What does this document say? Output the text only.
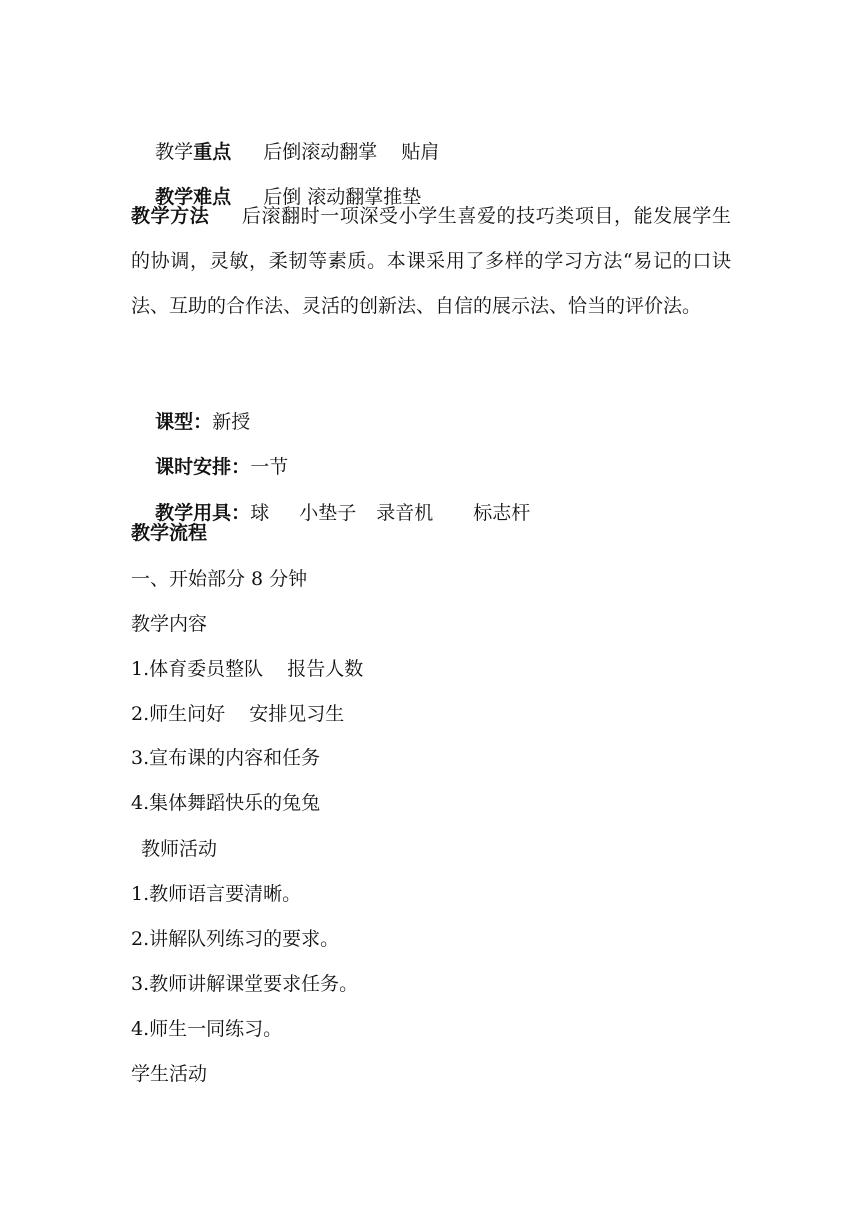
教学重点 后倒滚动翻掌    贴肩

教学难点 后倒 滚动翻掌推垫

教学方法 后滚翻时一项深受小学生喜爱的技巧类项目，能发展学生的协调，灵敏，柔韧等素质。本课采用了多样的学习方法“易记的口诀法、互助的合作法、灵活的创新法、自信的展示法、恰当的评价法。

课型：新授

课时安排：一节

教学用具：球 小垫子 录音机 标志杆

教学流程
一、开始部分 8 分钟
教学内容
1.体育委员整队    报告人数
2.师生问好    安排见习生
3.宣布课的内容和任务
4.集体舞蹈快乐的兔兔
教师活动
1.教师语言要清晰。
2.讲解队列练习的要求。
3.教师讲解课堂要求任务。
4.师生一同练习。
学生活动
